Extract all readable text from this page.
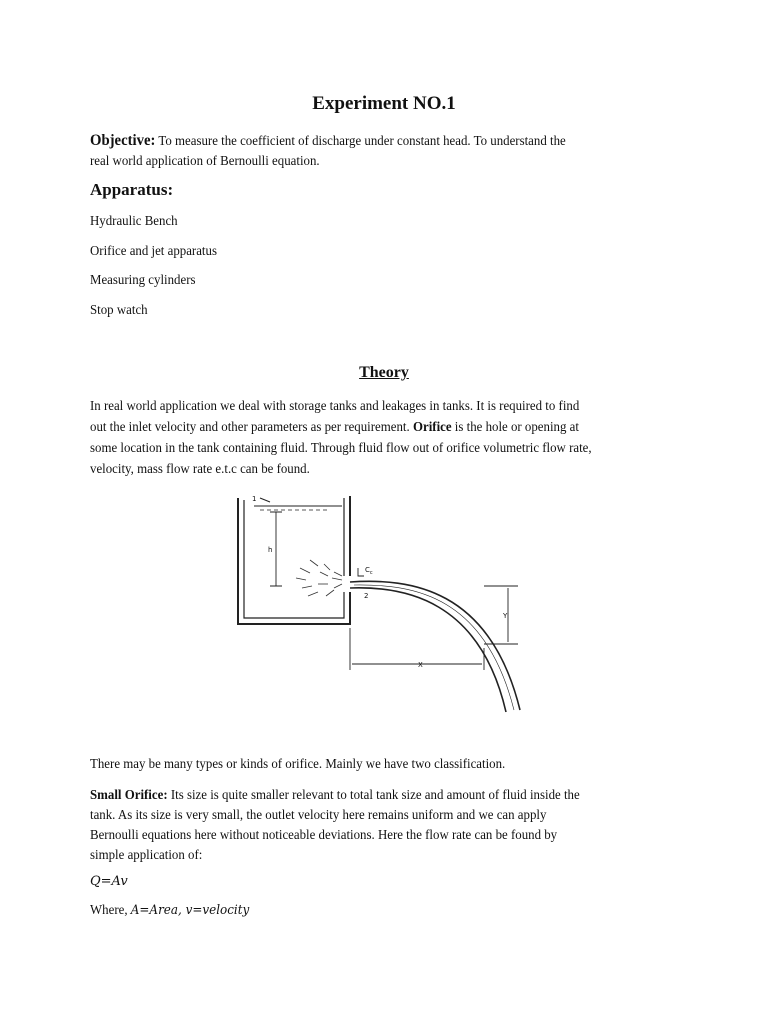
Experiment NO.1
Objective: To measure the coefficient of discharge under constant head. To understand the
real world application of Bernoulli equation.
Apparatus:
Hydraulic Bench
Orifice and jet apparatus
Measuring cylinders
Stop watch
Theory
In real world application we deal with storage tanks and leakages in tanks. It is required to find
out the inlet velocity and other parameters as per requirement. Orifice is the hole or opening at
some location in the tank containing fluid. Through fluid flow out of orifice volumetric flow rate,
velocity, mass flow rate e.t.c can be found.
1
h
$C_c$
2
Y
X
There may be many types or kinds of orifice. Mainly we have two classification.
Small Orifice: Its size is quite smaller relevant to total tank size and amount of fluid inside the
tank. As its size is very small, the outlet velocity here remains uniform and we can apply
Bernoulli equations here without noticeable deviations. Here the flow rate can be found by
simple application of:
Q=Av
Where, A=Area, v=velocity
